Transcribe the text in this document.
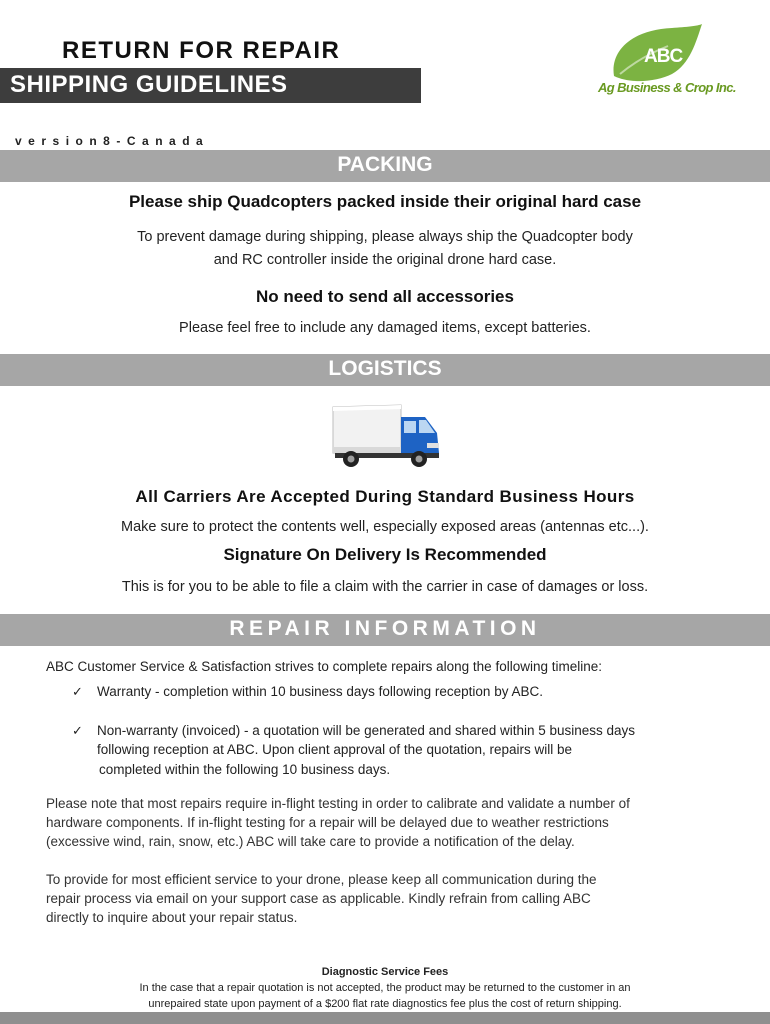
RETURN FOR REPAIR
SHIPPING GUIDELINES
version8-Canada
ABC
Ag Business & Crop Inc.
PACKING
Please ship Quadcopters packed inside their original hard case
To prevent damage during shipping, please always ship the Quadcopter body
and RC controller inside the original drone hard case.
No need to send all accessories
Please feel free to include any damaged items, except batteries.
LOGISTICS
All Carriers Are Accepted During Standard Business Hours
Make sure to protect the contents well, especially exposed areas (antennas etc...).
Signature On Delivery Is Recommended
This is for you to be able to file a claim with the carrier in case of damages or loss.
REPAIR INFORMATION
ABC Customer Service & Satisfaction strives to complete repairs along the following timeline:
✓ Warranty - completion within 10 business days following reception by ABC.
✓ Non-warranty (invoiced) - a quotation will be generated and shared within 5 business days
following reception at ABC. Upon client approval of the quotation, repairs will be
completed within the following 10 business days.
Please note that most repairs require in-flight testing in order to calibrate and validate a number of
hardware components. If in-flight testing for a repair will be delayed due to weather restrictions
(excessive wind, rain, snow, etc.) ABC will take care to provide a notification of the delay.
To provide for most efficient service to your drone, please keep all communication during the
repair process via email on your support case as applicable. Kindly refrain from calling ABC
directly to inquire about your repair status.
Diagnostic Service Fees
In the case that a repair quotation is not accepted, the product may be returned to the customer in an
unrepaired state upon payment of a $200 flat rate diagnostics fee plus the cost of return shipping.
